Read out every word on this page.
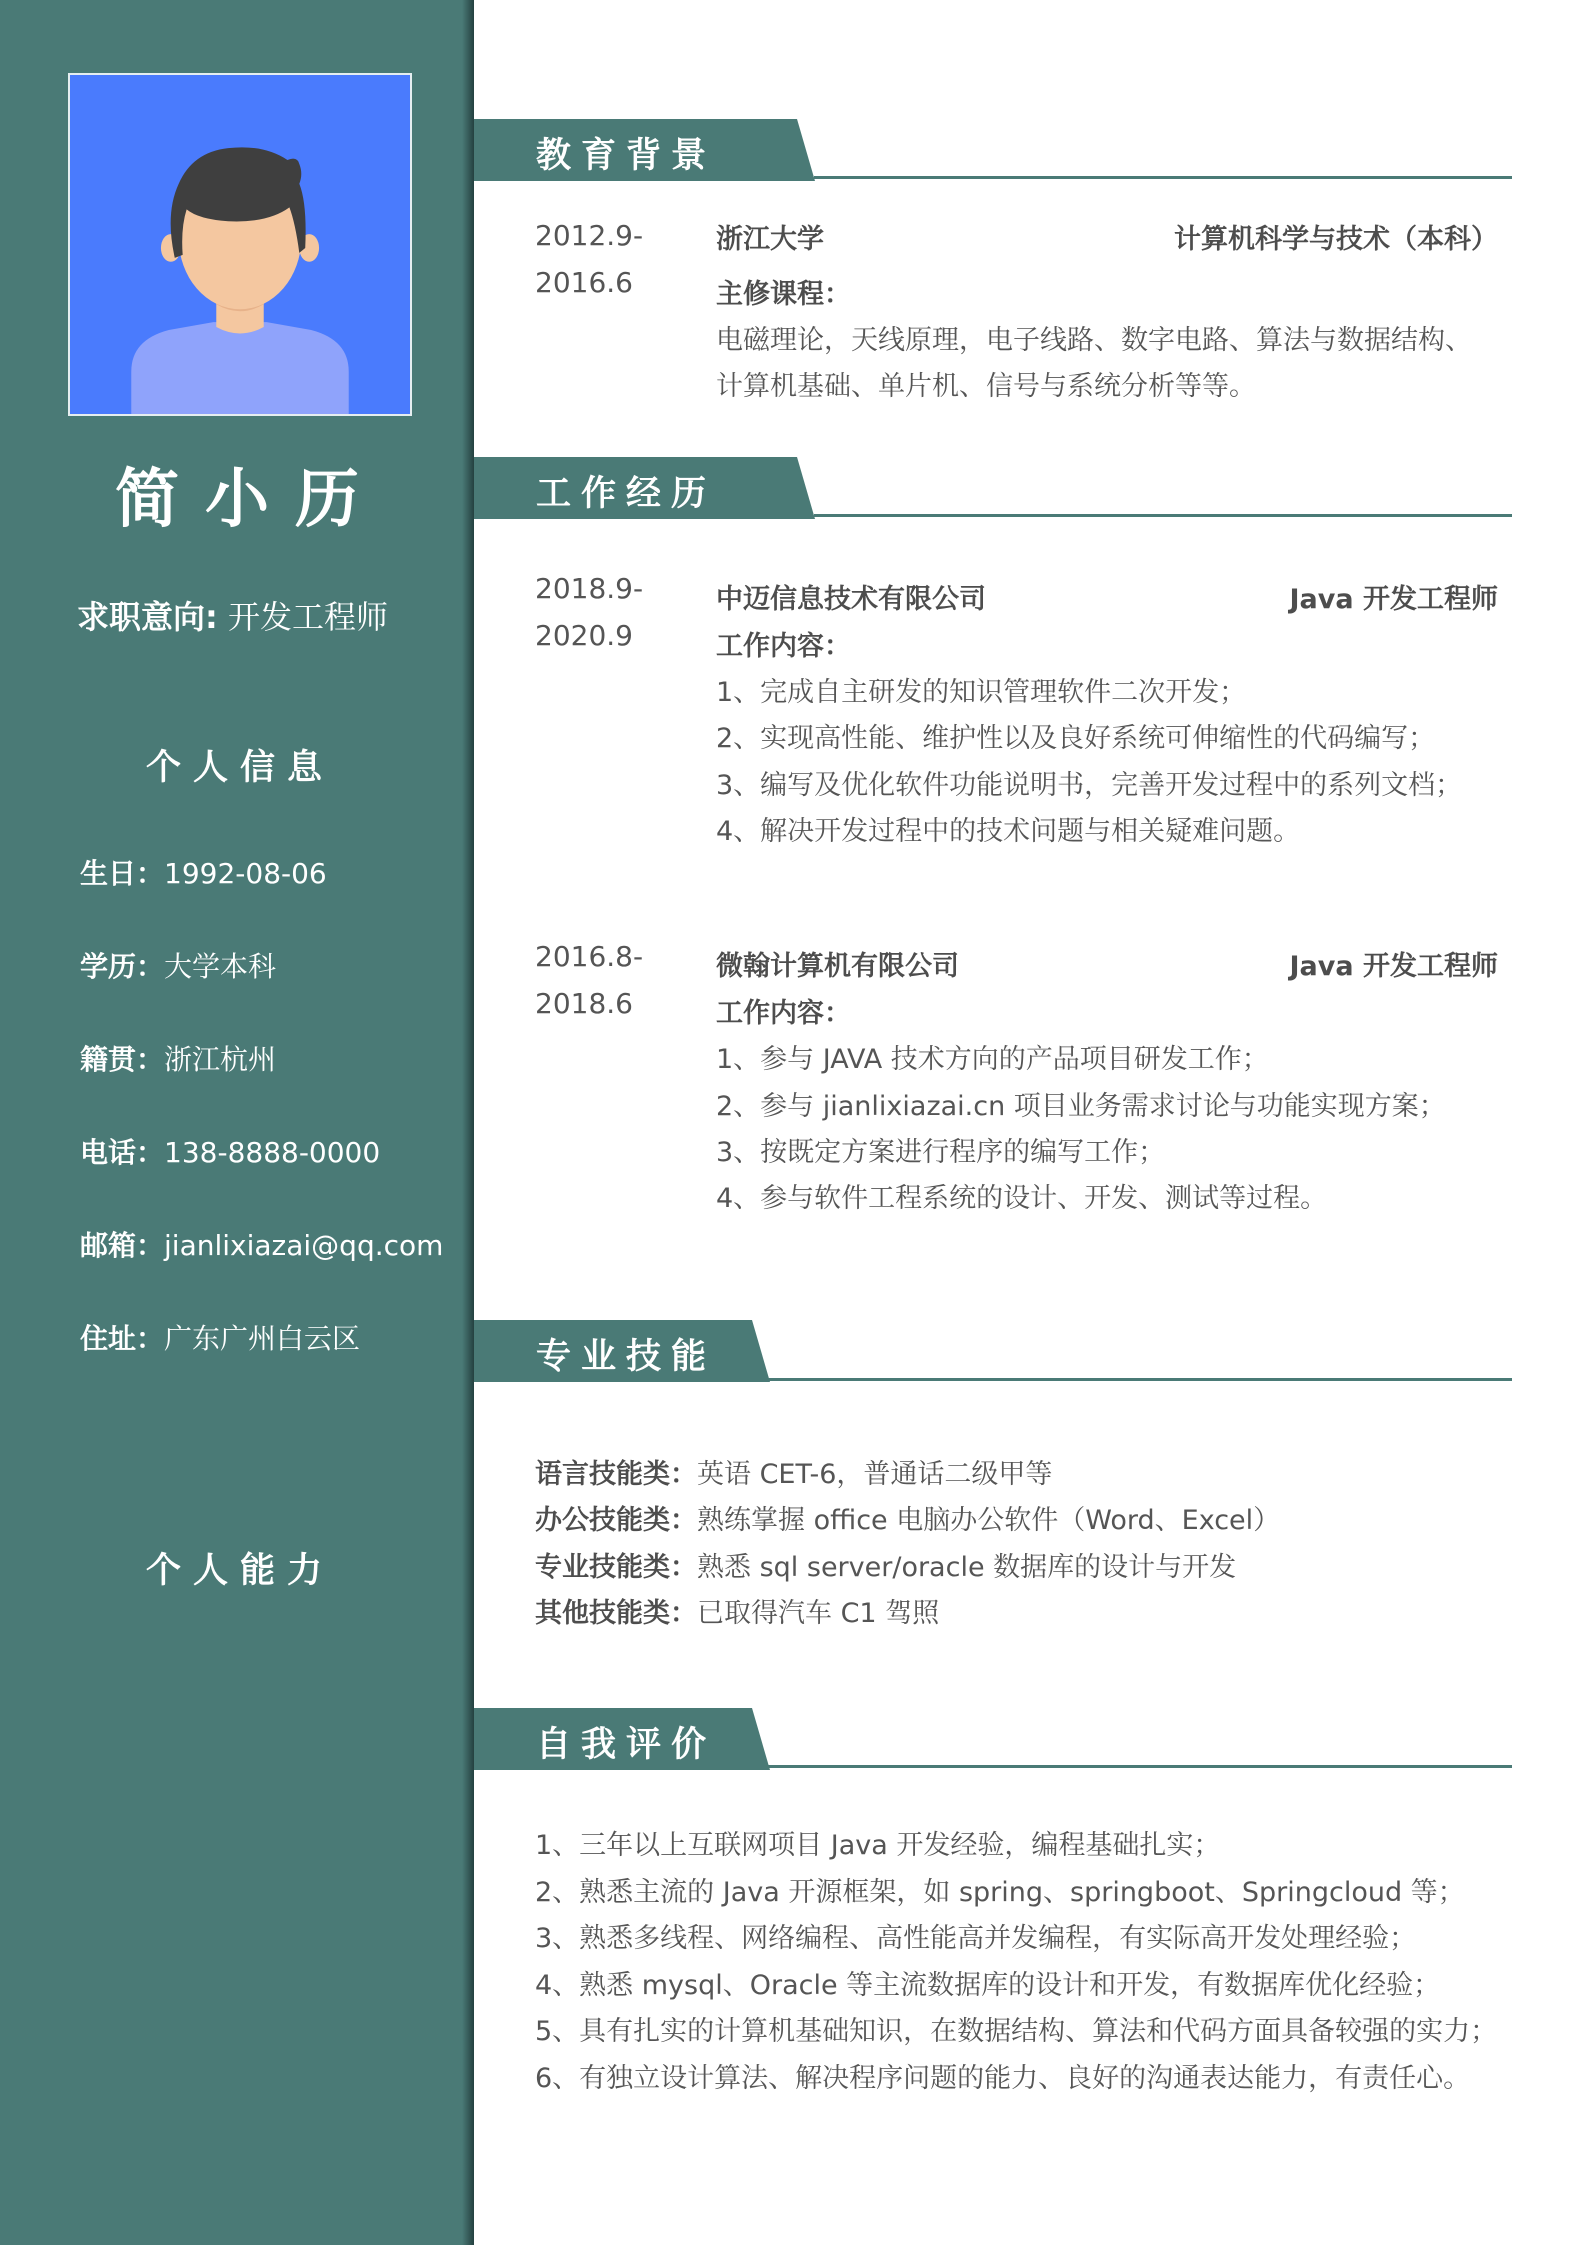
简小历
求职意向: 开发工程师
个人信息
生日：1992-08-06
学历：大学本科
籍贯：浙江杭州
电话：138-8888-0000
邮箱：jianlixiazai@qq.com
住址：广东广州白云区
个人能力
教育背景
2012.9-
2016.6
浙江大学	计算机科学与技术（本科）
主修课程：
电磁理论，天线原理，电子线路、数字电路、算法与数据结构、
计算机基础、单片机、信号与系统分析等等。
工作经历
2018.9-
2020.9
中迈信息技术有限公司	Java 开发工程师
工作内容：
1、完成自主研发的知识管理软件二次开发；
2、实现高性能、维护性以及良好系统可伸缩性的代码编写；
3、编写及优化软件功能说明书，完善开发过程中的系列文档；
4、解决开发过程中的技术问题与相关疑难问题。
2016.8-
2018.6
微翰计算机有限公司	Java 开发工程师
工作内容：
1、参与 JAVA 技术方向的产品项目研发工作；
2、参与 jianlixiazai.cn 项目业务需求讨论与功能实现方案；
3、按既定方案进行程序的编写工作；
4、参与软件工程系统的设计、开发、测试等过程。
专业技能
语言技能类：英语 CET-6，普通话二级甲等
办公技能类：熟练掌握 office 电脑办公软件（Word、Excel）
专业技能类：熟悉 sql server/oracle 数据库的设计与开发
其他技能类：已取得汽车 C1 驾照
自我评价
1、三年以上互联网项目 Java 开发经验，编程基础扎实；
2、熟悉主流的 Java 开源框架，如 spring、springboot、Springcloud 等；
3、熟悉多线程、网络编程、高性能高并发编程，有实际高开发处理经验；
4、熟悉 mysql、Oracle 等主流数据库的设计和开发，有数据库优化经验；
5、具有扎实的计算机基础知识，在数据结构、算法和代码方面具备较强的实力；
6、有独立设计算法、解决程序问题的能力、良好的沟通表达能力，有责任心。
